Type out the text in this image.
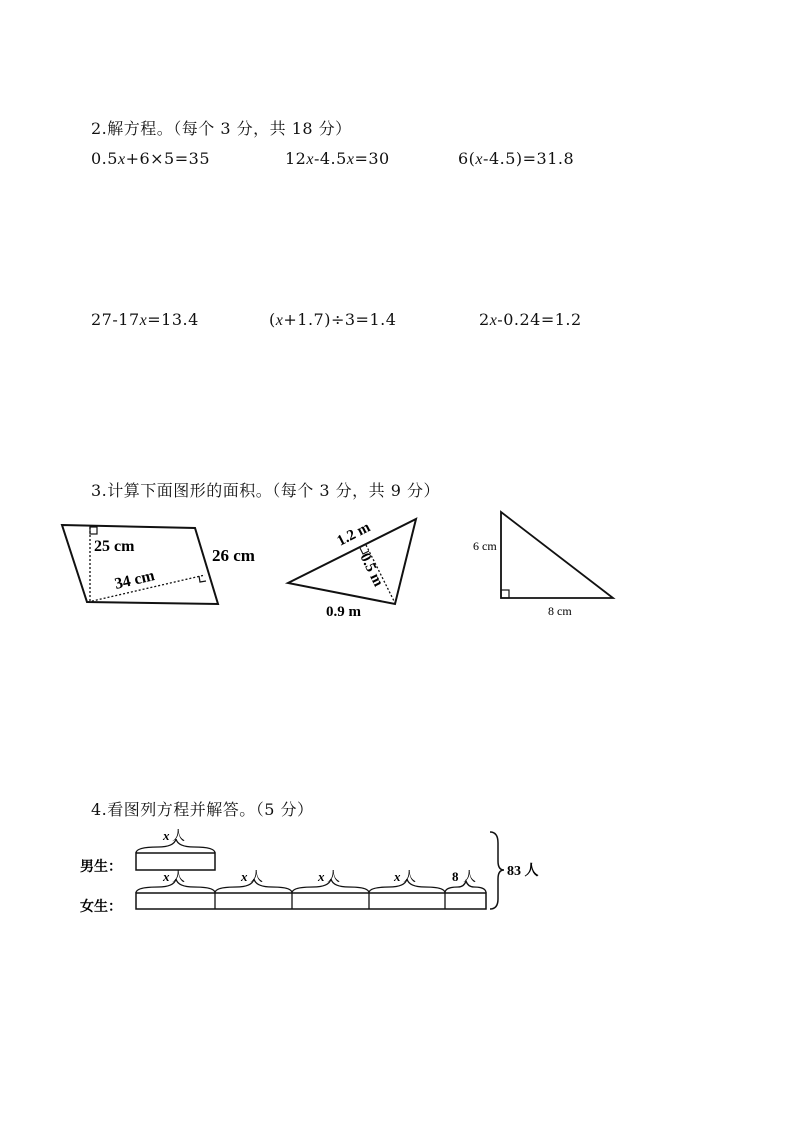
2.解方程。（每个 3 分，共 18 分）
0.5x+6×5=35	12x-4.5x=30	6(x-4.5)=31.8
27-17x=13.4	(x+1.7)÷3=1.4	2x-0.24=1.2
3.计算下面图形的面积。（每个 3 分，共 9 分）
25 cm
34 cm
26 cm
1.2 m
0.5 m
0.9 m
6 cm
8 cm
4.看图列方程并解答。（5 分）
男生：
女生：
x 人
x 人	x 人	x 人	x 人	8 人 83 人
